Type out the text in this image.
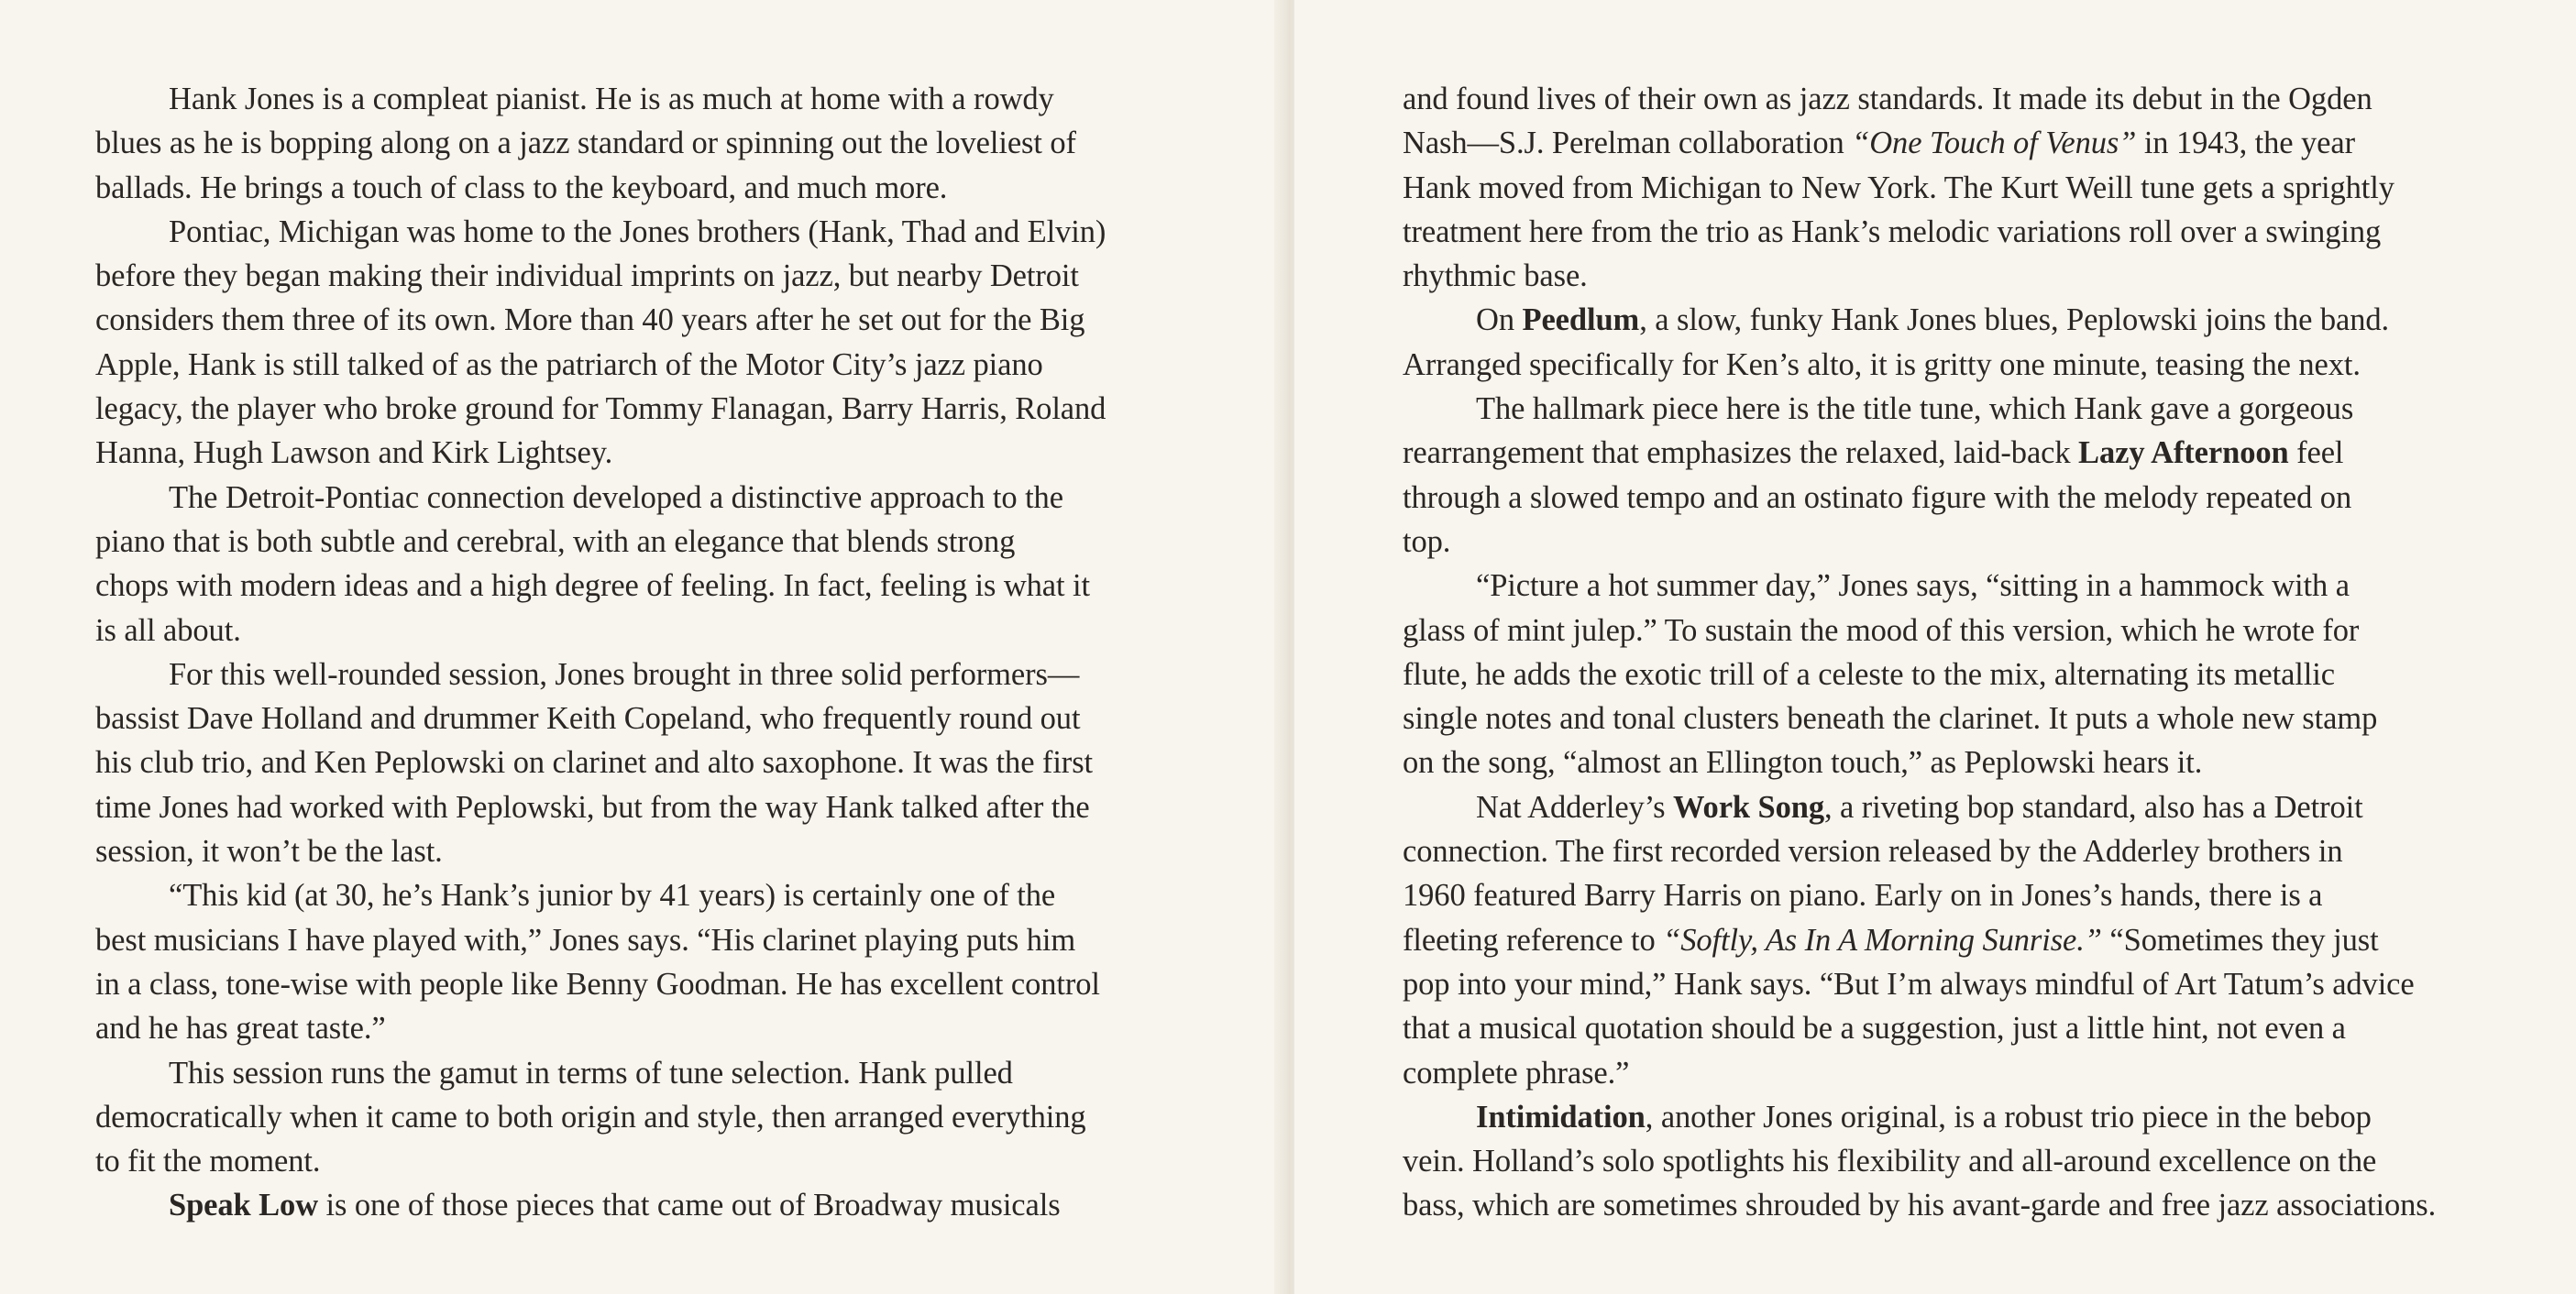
Hank Jones is a compleat pianist. He is as much at home with a rowdy
blues as he is bopping along on a jazz standard or spinning out the loveliest of
ballads. He brings a touch of class to the keyboard, and much more.

Pontiac, Michigan was home to the Jones brothers (Hank, Thad and Elvin)
before they began making their individual imprints on jazz, but nearby Detroit
considers them three of its own. More than 40 years after he set out for the Big
Apple, Hank is still talked of as the patriarch of the Motor City’s jazz piano
legacy, the player who broke ground for Tommy Flanagan, Barry Harris, Roland
Hanna, Hugh Lawson and Kirk Lightsey.

The Detroit-Pontiac connection developed a distinctive approach to the
piano that is both subtle and cerebral, with an elegance that blends strong
chops with modern ideas and a high degree of feeling. In fact, feeling is what it
is all about.

For this well-rounded session, Jones brought in three solid performers—
bassist Dave Holland and drummer Keith Copeland, who frequently round out
his club trio, and Ken Peplowski on clarinet and alto saxophone. It was the first
time Jones had worked with Peplowski, but from the way Hank talked after the
session, it won’t be the last.

“This kid (at 30, he’s Hank’s junior by 41 years) is certainly one of the
best musicians I have played with,” Jones says. “His clarinet playing puts him
in a class, tone-wise with people like Benny Goodman. He has excellent control
and he has great taste.”

This session runs the gamut in terms of tune selection. Hank pulled
democratically when it came to both origin and style, then arranged everything
to fit the moment.

Speak Low is one of those pieces that came out of Broadway musicals

and found lives of their own as jazz standards. It made its debut in the Ogden
Nash—S.J. Perelman collaboration “One Touch of Venus” in 1943, the year
Hank moved from Michigan to New York. The Kurt Weill tune gets a sprightly
treatment here from the trio as Hank’s melodic variations roll over a swinging
rhythmic base.

On Peedlum, a slow, funky Hank Jones blues, Peplowski joins the band.
Arranged specifically for Ken’s alto, it is gritty one minute, teasing the next.

The hallmark piece here is the title tune, which Hank gave a gorgeous
rearrangement that emphasizes the relaxed, laid-back Lazy Afternoon feel
through a slowed tempo and an ostinato figure with the melody repeated on
top.

“Picture a hot summer day,” Jones says, “sitting in a hammock with a
glass of mint julep.” To sustain the mood of this version, which he wrote for
flute, he adds the exotic trill of a celeste to the mix, alternating its metallic
single notes and tonal clusters beneath the clarinet. It puts a whole new stamp
on the song, “almost an Ellington touch,” as Peplowski hears it.

Nat Adderley’s Work Song, a riveting bop standard, also has a Detroit
connection. The first recorded version released by the Adderley brothers in
1960 featured Barry Harris on piano. Early on in Jones’s hands, there is a
fleeting reference to “Softly, As In A Morning Sunrise.” “Sometimes they just
pop into your mind,” Hank says. “But I’m always mindful of Art Tatum’s advice
that a musical quotation should be a suggestion, just a little hint, not even a
complete phrase.”

Intimidation, another Jones original, is a robust trio piece in the bebop
vein. Holland’s solo spotlights his flexibility and all-around excellence on the
bass, which are sometimes shrouded by his avant-garde and free jazz associations.
